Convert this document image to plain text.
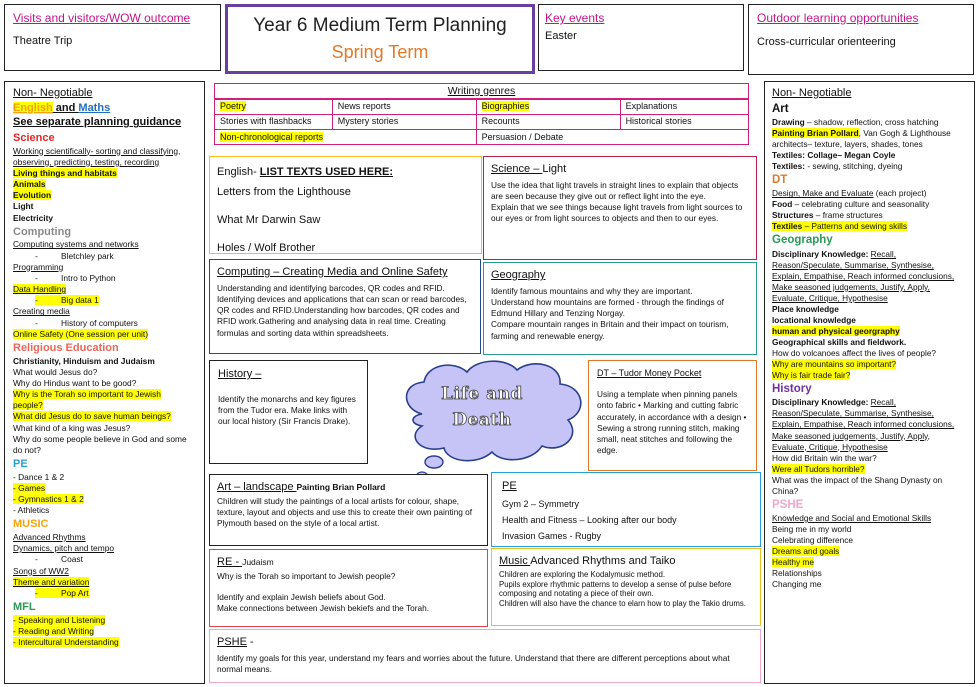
Visits and visitors/WOW outcome
Theatre Trip
Year 6 Medium Term Planning
Spring Term
Key events
Easter
Outdoor learning opportunities
Cross-curricular orienteering
Non- Negotiable
English and Maths
See separate planning guidance
Science
Working scientifically- sorting and classifying,
observing, predicting, testing, recording
Living things and habitats
Animals
Evolution
Light
Electricity
Computing
Computing systems and networks
-          Bletchley park
Programming
-          Intro to Python
Data Handling
-          Big data 1
Creating media
-          History of computers
Online Safety (One session per unit)
Religious Education
Christianity, Hinduism and Judaism
What would Jesus do?
Why do Hindus want to be good?
Why is the Torah so important to Jewish
people?
What did Jesus do to save human beings?
What kind of a king was Jesus?
Why do some people believe in God and some
do not?
PE
- Dance 1 & 2
- Games
- Gymnastics 1 & 2
- Athletics
MUSIC
Advanced Rhythms
Dynamics, pitch and tempo
-          Coast
Songs of WW2
Theme and variation
-          Pop Art
MFL
- Speaking and Listening
- Reading and Writing
- Intercultural Understanding
Writing genres
Poetry	News reports	Biographies	Explanations
Stories with flashbacks	Mystery stories	Recounts	Historical stories
Non-chronological reports		Persuasion / Debate	
English- LIST TEXTS USED HERE:
Letters from the Lighthouse
What Mr Darwin Saw
Holes / Wolf Brother
Science – Light
Use the idea that light travels in straight lines to explain that objects are seen because they give out or reflect light into the eye.
Explain that we see things because light travels from light sources to our eyes or from light sources to objects and then to our eyes.
Computing – Creating Media and Online Safety
Understanding and identifying barcodes, QR codes and RFID. Identifying devices and applications that can scan or read barcodes, QR codes and RFID.Understanding how barcodes, QR codes and RFID work.Gathering and analysing data in real time. Creating formulas and sorting data within spreadsheets.
Geography
Identify famous mountains and why they are important.
Understand how mountains are formed - through the findings of Edmund Hillary and Tenzing Norgay.
Compare mountain ranges in Britain and their impact on tourism, farming and renewable energy.
History –
Identify the monarchs and key figures from the Tudor era. Make links with our local history (Sir Francis Drake).
Life and
Death
DT – Tudor Money Pocket
Using a template when pinning panels onto fabric • Marking and cutting fabric accurately, in accordance with a design • Sewing a strong running stitch, making small, neat stitches and following the edge.
Art – landscape Painting Brian Pollard
Children will study the paintings of a local artists for colour, shape, texture, layout and objects and use this to create their own painting of Plymouth based on the style of a local artist.
PE
Gym 2 – Symmetry
Health and Fitness – Looking after our body
Invasion Games - Rugby
RE - Judaism
Why is the Torah so important to Jewish people?
Identify and explain Jewish beliefs about God.
Make connections between Jewish bekiefs and the Torah.
Music Advanced Rhythms and Taiko
Children are exploring the Kodalymusic method.
Pupils explore rhythmic patterns to develop a sense of pulse before composing and notating a piece of their own.
Children will also have the chance to elarn how to play the Takio drums.
PSHE -
Identify my goals for this year, understand my fears and worries about the future. Understand that there are different perceptions about what normal means.
Non- Negotiable
Art
Drawing – shadow, reflection, cross hatching
Painting Brian Pollard, Van Gogh & Lighthouse
architects– texture, layers, shades, tones
Textiles: Collage– Megan Coyle
Textiles: - sewing, stitching, dyeing
DT
Design, Make and Evaluate (each project)
Food – celebrating culture and seasonality
Structures – frame structures
Textiles – Patterns and sewing skills
Geography
Disciplinary Knowledge: Recall,
Reason/Speculate, Summarise, Synthesise,
Explain, Empathise, Reach informed conclusions,
Make seasoned judgements, Justify, Apply,
Evaluate, Critique, Hypothesise
Place knowledge
locational knowledge
human and physical georgraphy
Geographical skills and fieldwork.
How do volcanoes affect the lives of people?
Why are mountains so important?
Why is fair trade fair?
History
Disciplinary Knowledge: Recall,
Reason/Speculate, Summarise, Synthesise,
Explain, Empathise, Reach informed conclusions,
Make seasoned judgements, Justify, Apply,
Evaluate, Critique, Hypothesise
How did Britain win the war?
Were all Tudors horrible?
What was the impact of the Shang Dynasty on
China?
PSHE
Knowledge and Social and Emotional Skills
Being me in my world
Celebrating difference
Dreams and goals
Healthy me
Relationships
Changing me
